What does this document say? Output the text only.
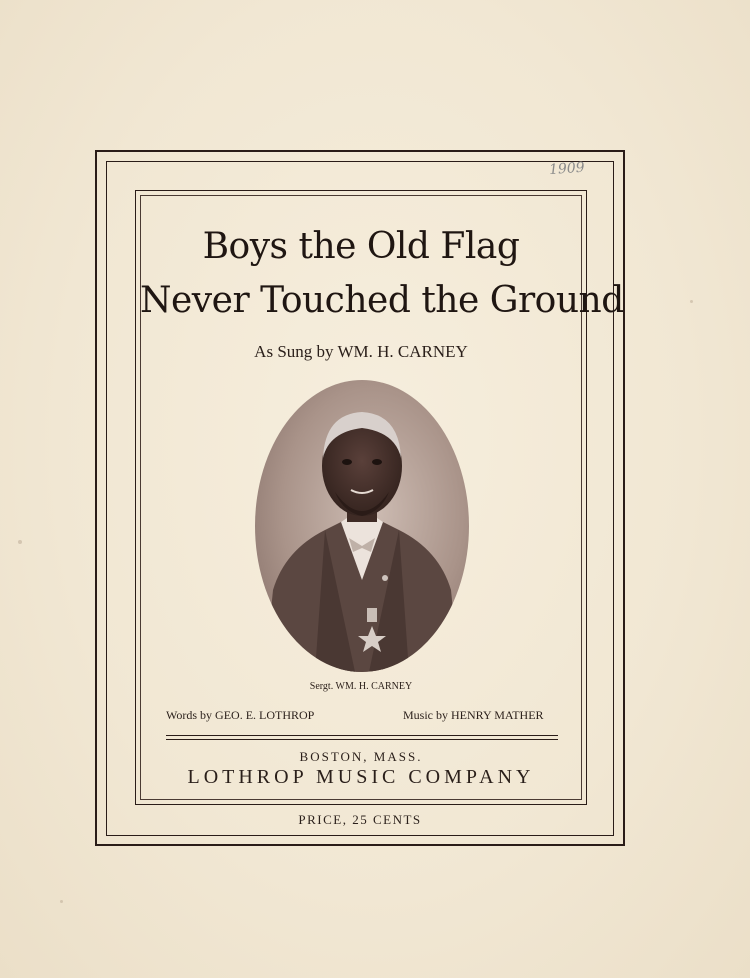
1909
Boys the Old Flag
Never Touched the Ground
As Sung by WM. H. CARNEY
Sergt. WM. H. CARNEY
Words by GEO. E. LOTHROP	Music by HENRY MATHER
BOSTON, MASS.
LOTHROP MUSIC COMPANY
PRICE, 25 CENTS
